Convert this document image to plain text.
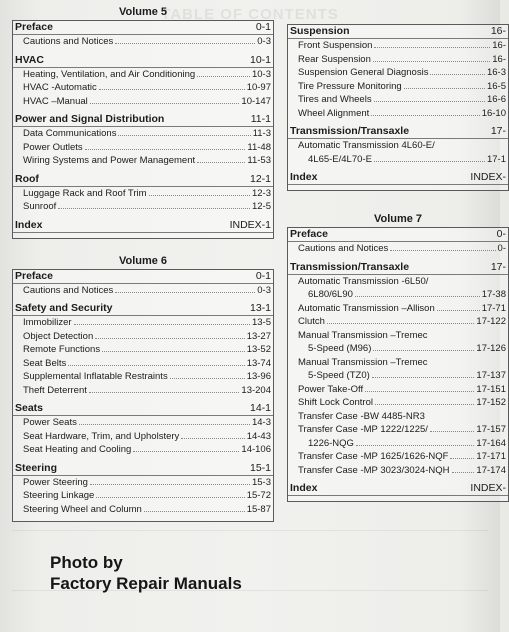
TABLE OF CONTENTS

Volume 5

Preface	0-1
Cautions and Notices	0-3
HVAC	10-1
Heating, Ventilation, and Air Conditioning	10-3
HVAC -Automatic	10-97
HVAC –Manual	10-147
Power and Signal Distribution	11-1
Data Communications	11-3
Power Outlets	11-48
Wiring Systems and Power Management	11-53
Roof	12-1
Luggage Rack and Roof Trim	12-3
Sunroof	12-5
Index	INDEX-1

Volume 6

Preface	0-1
Cautions and Notices	0-3
Safety and Security	13-1
Immobilizer	13-5
Object Detection	13-27
Remote Functions	13-52
Seat Belts	13-74
Supplemental Inflatable Restraints	13-96
Theft Deterrent	13-204
Seats	14-1
Power Seats	14-3
Seat Hardware, Trim, and Upholstery	14-43
Seat Heating and Cooling	14-106
Steering	15-1
Power Steering	15-3
Steering Linkage	15-72
Steering Wheel and Column	15-87
Suspension	16-
Front Suspension	16-
Rear Suspension	16-
Suspension General Diagnosis	16-3
Tire Pressure Monitoring	16-5
Tires and Wheels	16-6
Wheel Alignment	16-10
Transmission/Transaxle	17-
Automatic Transmission 4L60-E/
4L65-E/4L70-E	17-1
Index	INDEX-

Volume 7

Preface	0-
Cautions and Notices	0-
Transmission/Transaxle	17-
Automatic Transmission -6L50/
6L80/6L90	17-38
Automatic Transmission –Allison	17-71
Clutch	17-122
Manual Transmission –Tremec
5-Speed (M96)	17-126
Manual Transmission –Tremec
5-Speed (TZ0)	17-137
Power Take-Off	17-151
Shift Lock Control	17-152
Transfer Case -BW 4485-NR3
Transfer Case -MP 1222/1225/	17-157
1226-NQG	17-164
Transfer Case -MP 1625/1626-NQF	17-171
Transfer Case -MP 3023/3024-NQH	17-174
Index	INDEX-
Photo by
Factory Repair Manuals
